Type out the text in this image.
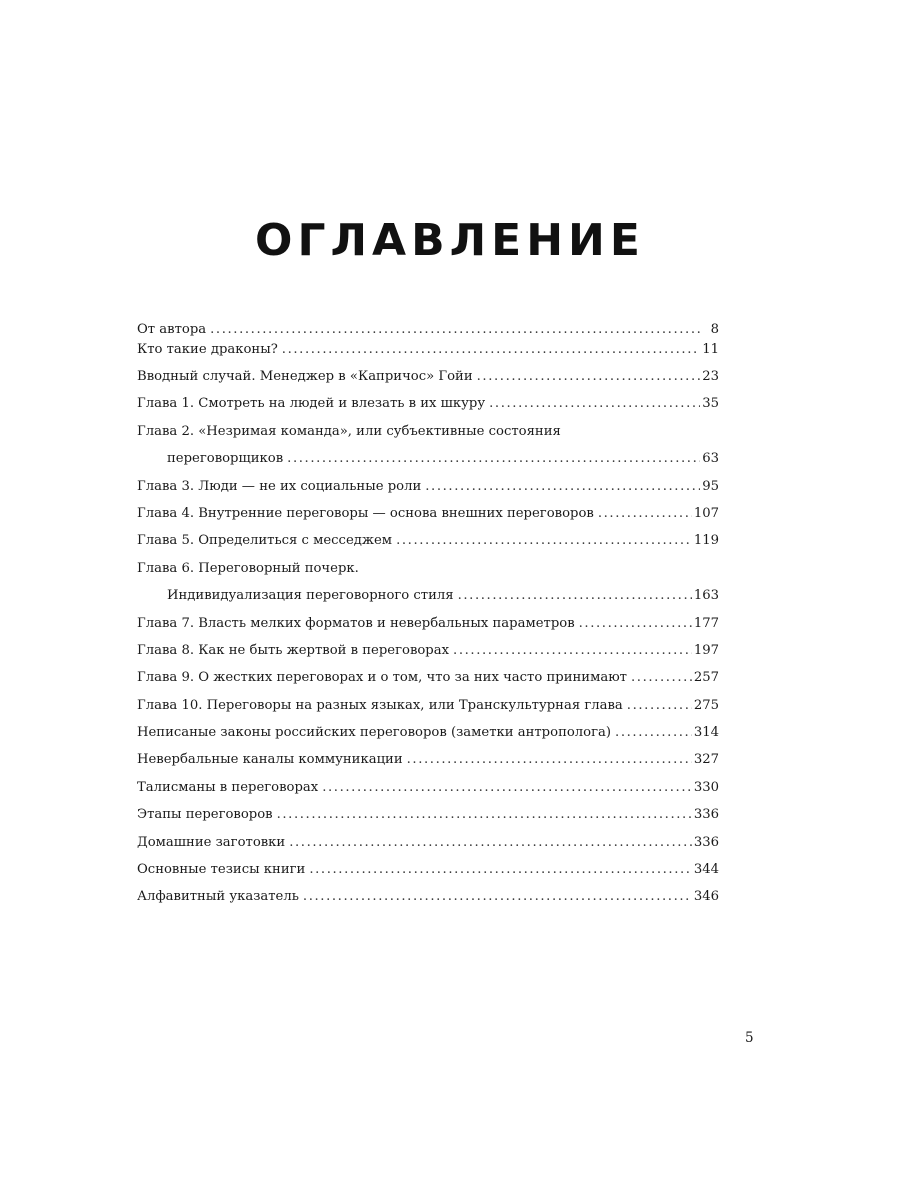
ОГЛАВЛЕНИЕ
От автора .....	8
Кто такие драконы? .....	11
Вводный случай. Менеджер в «Капричос» Гойи .....	23
Глава 1. Смотреть на людей и влезать в их шкуру .....	35
Глава 2. «Незримая команда», или субъективные состояния
переговорщиков .....	63
Глава 3. Люди — не их социальные роли .....	95
Глава 4. Внутренние переговоры — основа внешних переговоров .....	107
Глава 5. Определиться с месседжем .....	119
Глава 6. Переговорный почерк.
Индивидуализация переговорного стиля .....	163
Глава 7. Власть мелких форматов и невербальных параметров .....	177
Глава 8. Как не быть жертвой в переговорах .....	197
Глава 9. О жестких переговорах и о том, что за них часто принимают .....	257
Глава 10. Переговоры на разных языках, или Транскультурная глава .....	275
Неписаные законы российских переговоров (заметки антрополога) .....	314
Невербальные каналы коммуникации .....	327
Талисманы в переговорах .....	330
Этапы переговоров .....	336
Домашние заготовки .....	336
Основные тезисы книги .....	344
Алфавитный указатель .....	346

5
